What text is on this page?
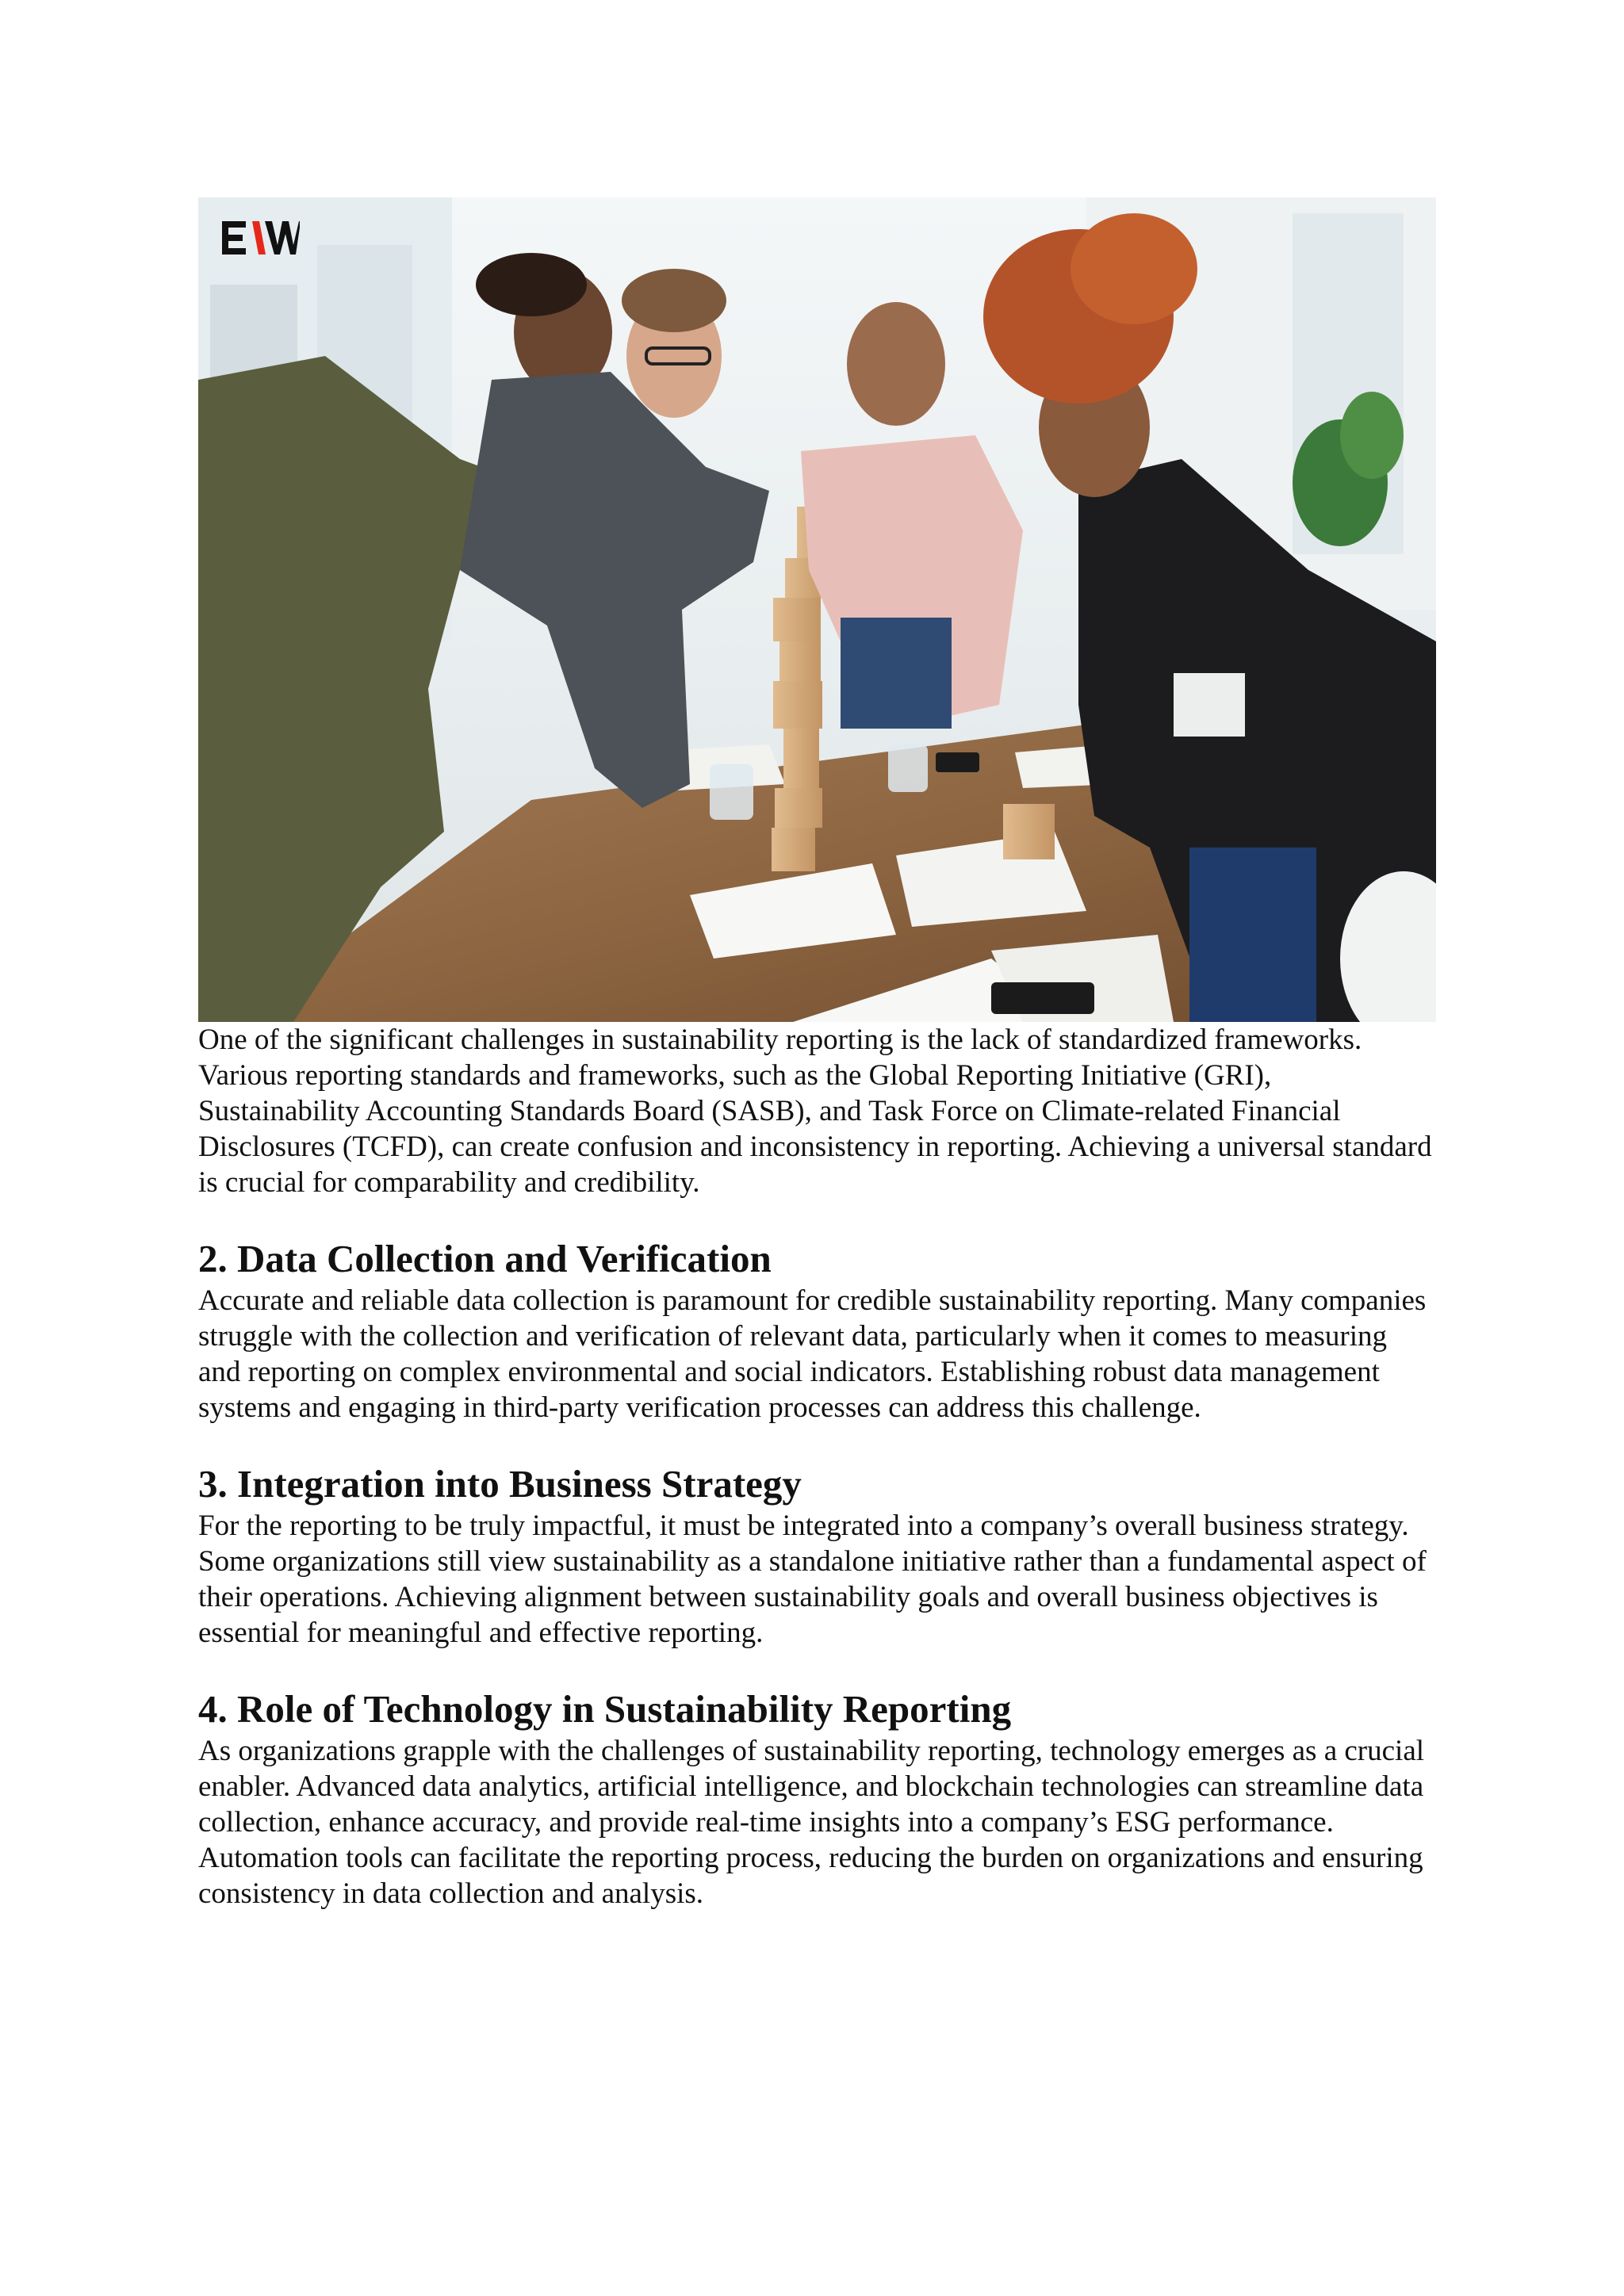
One of the significant challenges in sustainability reporting is the lack of standardized frameworks. Various reporting standards and frameworks, such as the Global Reporting Initiative (GRI), Sustainability Accounting Standards Board (SASB), and Task Force on Climate-related Financial Disclosures (TCFD), can create confusion and inconsistency in reporting. Achieving a universal standard is crucial for comparability and credibility.

2. Data Collection and Verification

Accurate and reliable data collection is paramount for credible sustainability reporting. Many companies struggle with the collection and verification of relevant data, particularly when it comes to measuring and reporting on complex environmental and social indicators. Establishing robust data management systems and engaging in third-party verification processes can address this challenge.

3. Integration into Business Strategy

For the reporting to be truly impactful, it must be integrated into a company’s overall business strategy. Some organizations still view sustainability as a standalone initiative rather than a fundamental aspect of their operations. Achieving alignment between sustainability goals and overall business objectives is essential for meaningful and effective reporting.

4. Role of Technology in Sustainability Reporting

As organizations grapple with the challenges of sustainability reporting, technology emerges as a crucial enabler. Advanced data analytics, artificial intelligence, and blockchain technologies can streamline data collection, enhance accuracy, and provide real-time insights into a company’s ESG performance. Automation tools can facilitate the reporting process, reducing the burden on organizations and ensuring consistency in data collection and analysis.
